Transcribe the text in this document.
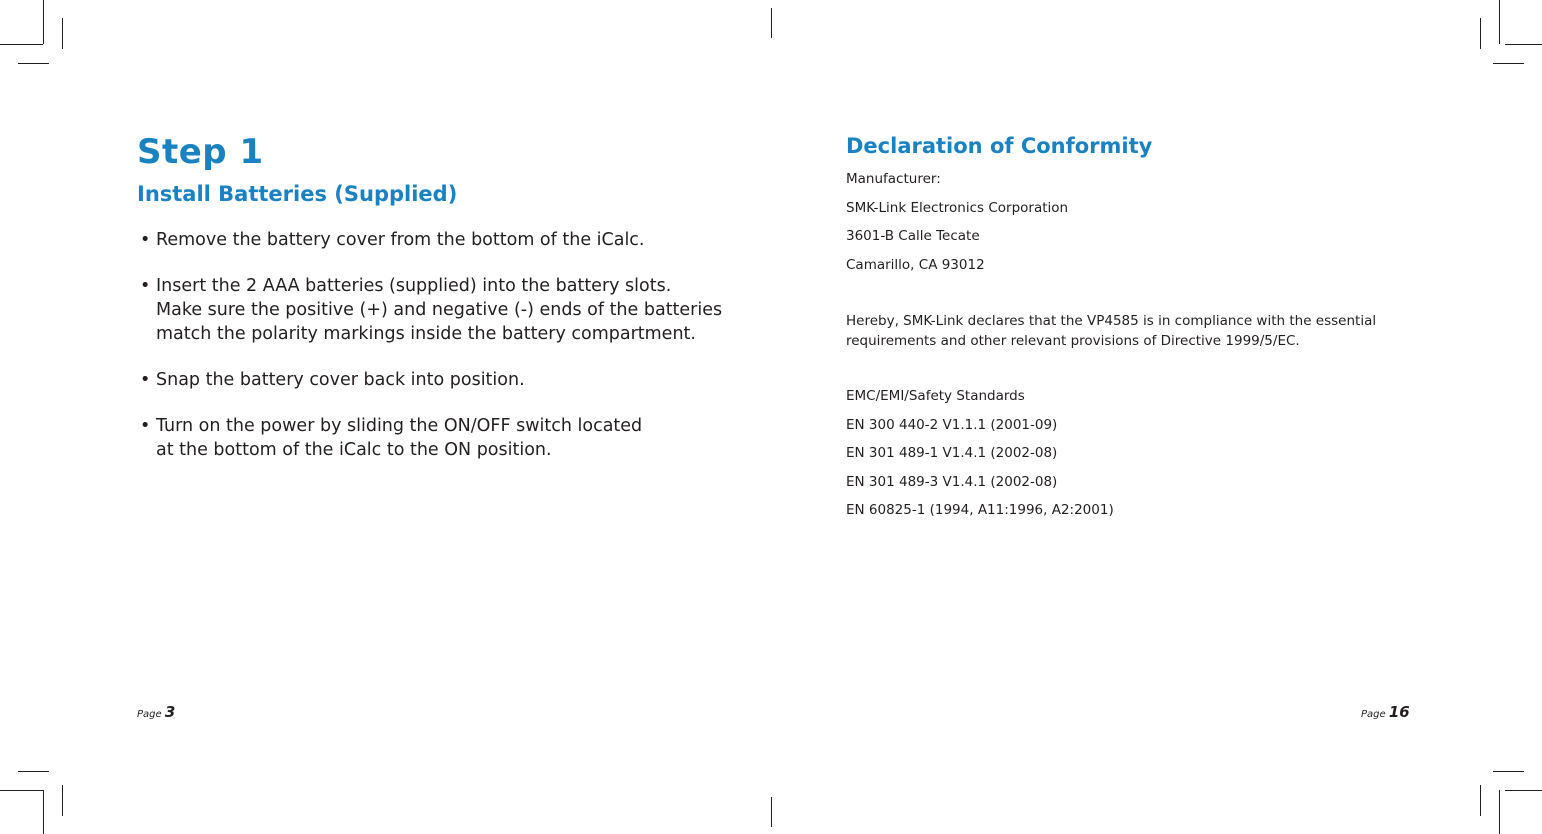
Step 1
Install Batteries (Supplied)
• Remove the battery cover from the bottom of the iCalc.
• Insert the 2 AAA batteries (supplied) into the battery slots.
Make sure the positive (+) and negative (-) ends of the batteries
match the polarity markings inside the battery compartment.
• Snap the battery cover back into position.
• Turn on the power by sliding the ON/OFF switch located
at the bottom of the iCalc to the ON position.
Page 3
Declaration of Conformity
Manufacturer:
SMK-Link Electronics Corporation
3601-B Calle Tecate
Camarillo, CA 93012

Hereby, SMK-Link declares that the VP4585 is in compliance with the essential
requirements and other relevant provisions of Directive 1999/5/EC.

EMC/EMI/Safety Standards
EN 300 440-2 V1.1.1 (2001-09)
EN 301 489-1 V1.4.1 (2002-08)
EN 301 489-3 V1.4.1 (2002-08)
EN 60825-1 (1994, A11:1996, A2:2001)
Page 16
